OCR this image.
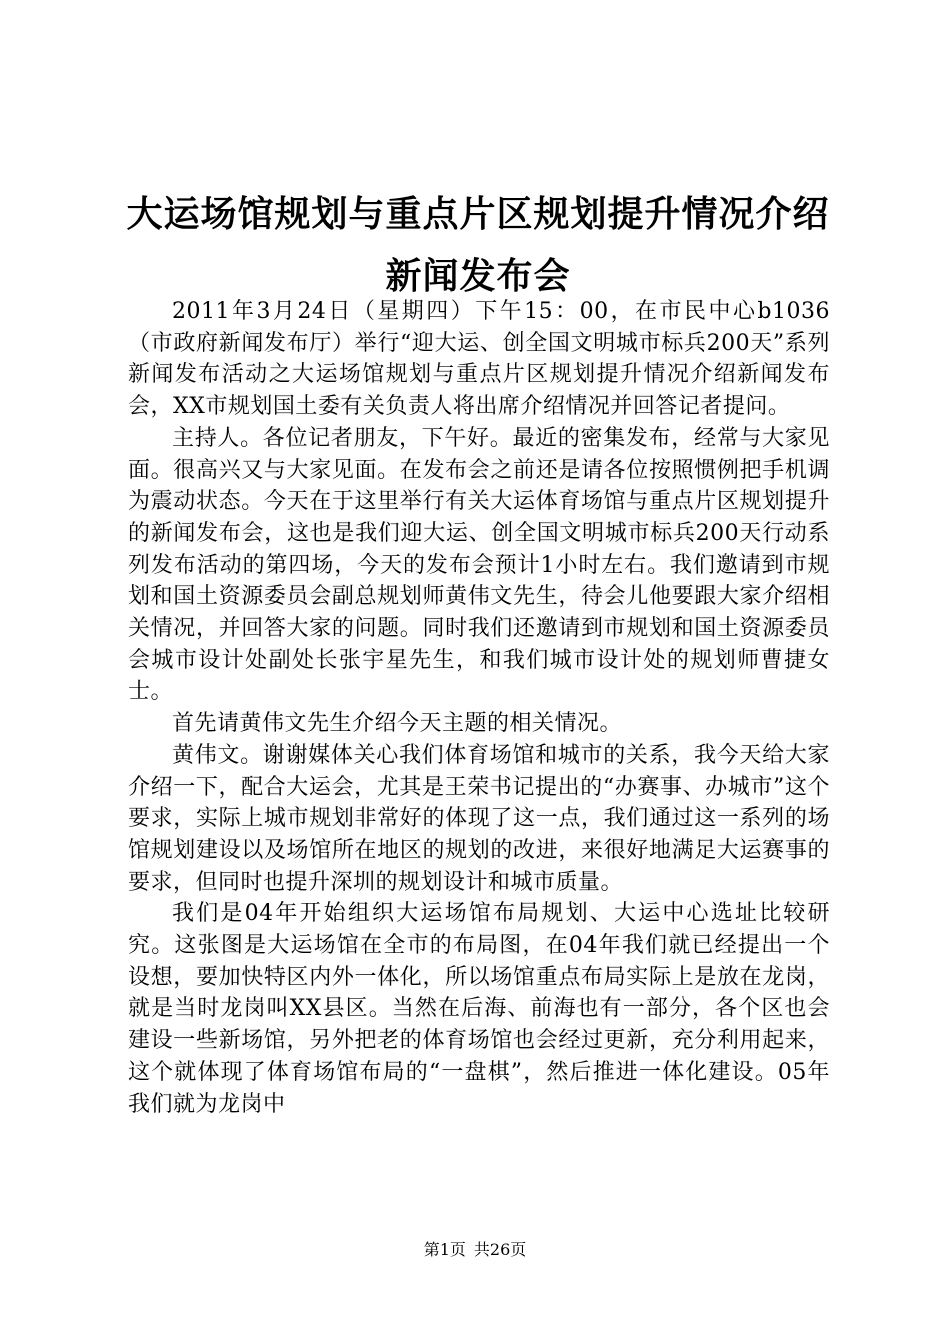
大运场馆规划与重点片区规划提升情况介绍新闻发布会

2011年3月24日（星期四）下午15：00，在市民中心b1036（市政府新闻发布厅）举行“迎大运、创全国文明城市标兵200天”系列新闻发布活动之大运场馆规划与重点片区规划提升情况介绍新闻发布会，XX市规划国土委有关负责人将出席介绍情况并回答记者提问。

主持人。各位记者朋友，下午好。最近的密集发布，经常与大家见面。很高兴又与大家见面。在发布会之前还是请各位按照惯例把手机调为震动状态。今天在于这里举行有关大运体育场馆与重点片区规划提升的新闻发布会，这也是我们迎大运、创全国文明城市标兵200天行动系列发布活动的第四场，今天的发布会预计1小时左右。我们邀请到市规划和国土资源委员会副总规划师黄伟文先生，待会儿他要跟大家介绍相关情况，并回答大家的问题。同时我们还邀请到市规划和国土资源委员会城市设计处副处长张宇星先生，和我们城市设计处的规划师曹捷女士。

首先请黄伟文先生介绍今天主题的相关情况。

黄伟文。谢谢媒体关心我们体育场馆和城市的关系，我今天给大家介绍一下，配合大运会，尤其是王荣书记提出的“办赛事、办城市”这个要求，实际上城市规划非常好的体现了这一点，我们通过这一系列的场馆规划建设以及场馆所在地区的规划的改进，来很好地满足大运赛事的要求，但同时也提升深圳的规划设计和城市质量。

我们是04年开始组织大运场馆布局规划、大运中心选址比较研究。这张图是大运场馆在全市的布局图，在04年我们就已经提出一个设想，要加快特区内外一体化，所以场馆重点布局实际上是放在龙岗，就是当时龙岗叫XX县区。当然在后海、前海也有一部分，各个区也会建设一些新场馆，另外把老的体育场馆也会经过更新，充分利用起来，这个就体现了体育场馆布局的“一盘棋”，然后推进一体化建设。05年我们就为龙岗中

第1页 共26页
